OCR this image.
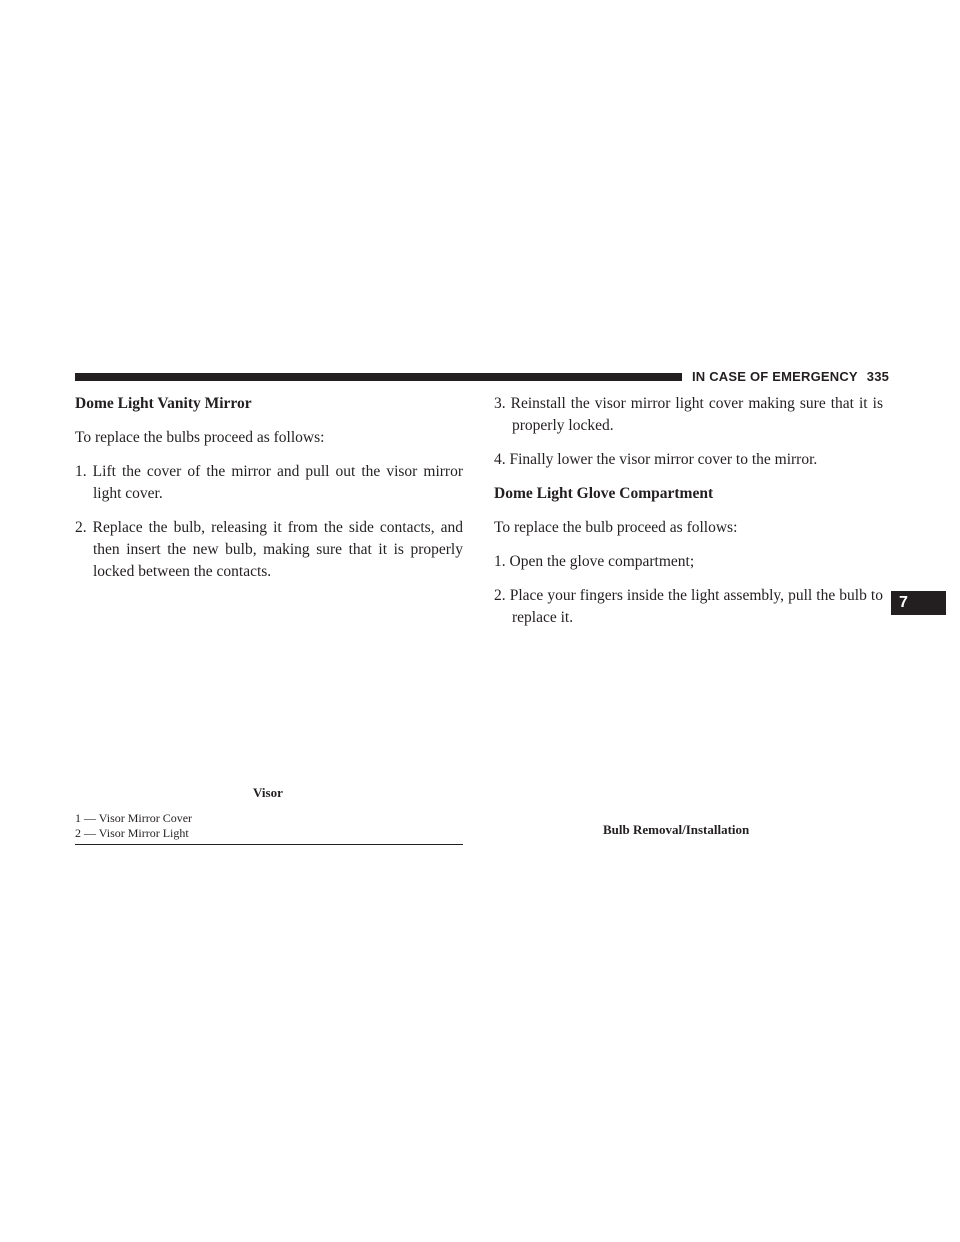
IN CASE OF EMERGENCY 335
Dome Light Vanity Mirror
To replace the bulbs proceed as follows:
1. Lift the cover of the mirror and pull out the visor mirror light cover.
2. Replace the bulb, releasing it from the side contacts, and then insert the new bulb, making sure that it is properly locked between the contacts.
3. Reinstall the visor mirror light cover making sure that it is properly locked.
4. Finally lower the visor mirror cover to the mirror.
Dome Light Glove Compartment
To replace the bulb proceed as follows:
1. Open the glove compartment;
2. Place your fingers inside the light assembly, pull the bulb to replace it.
Visor
1 — Visor Mirror Cover
2 — Visor Mirror Light	Bulb Removal/Installation
7
